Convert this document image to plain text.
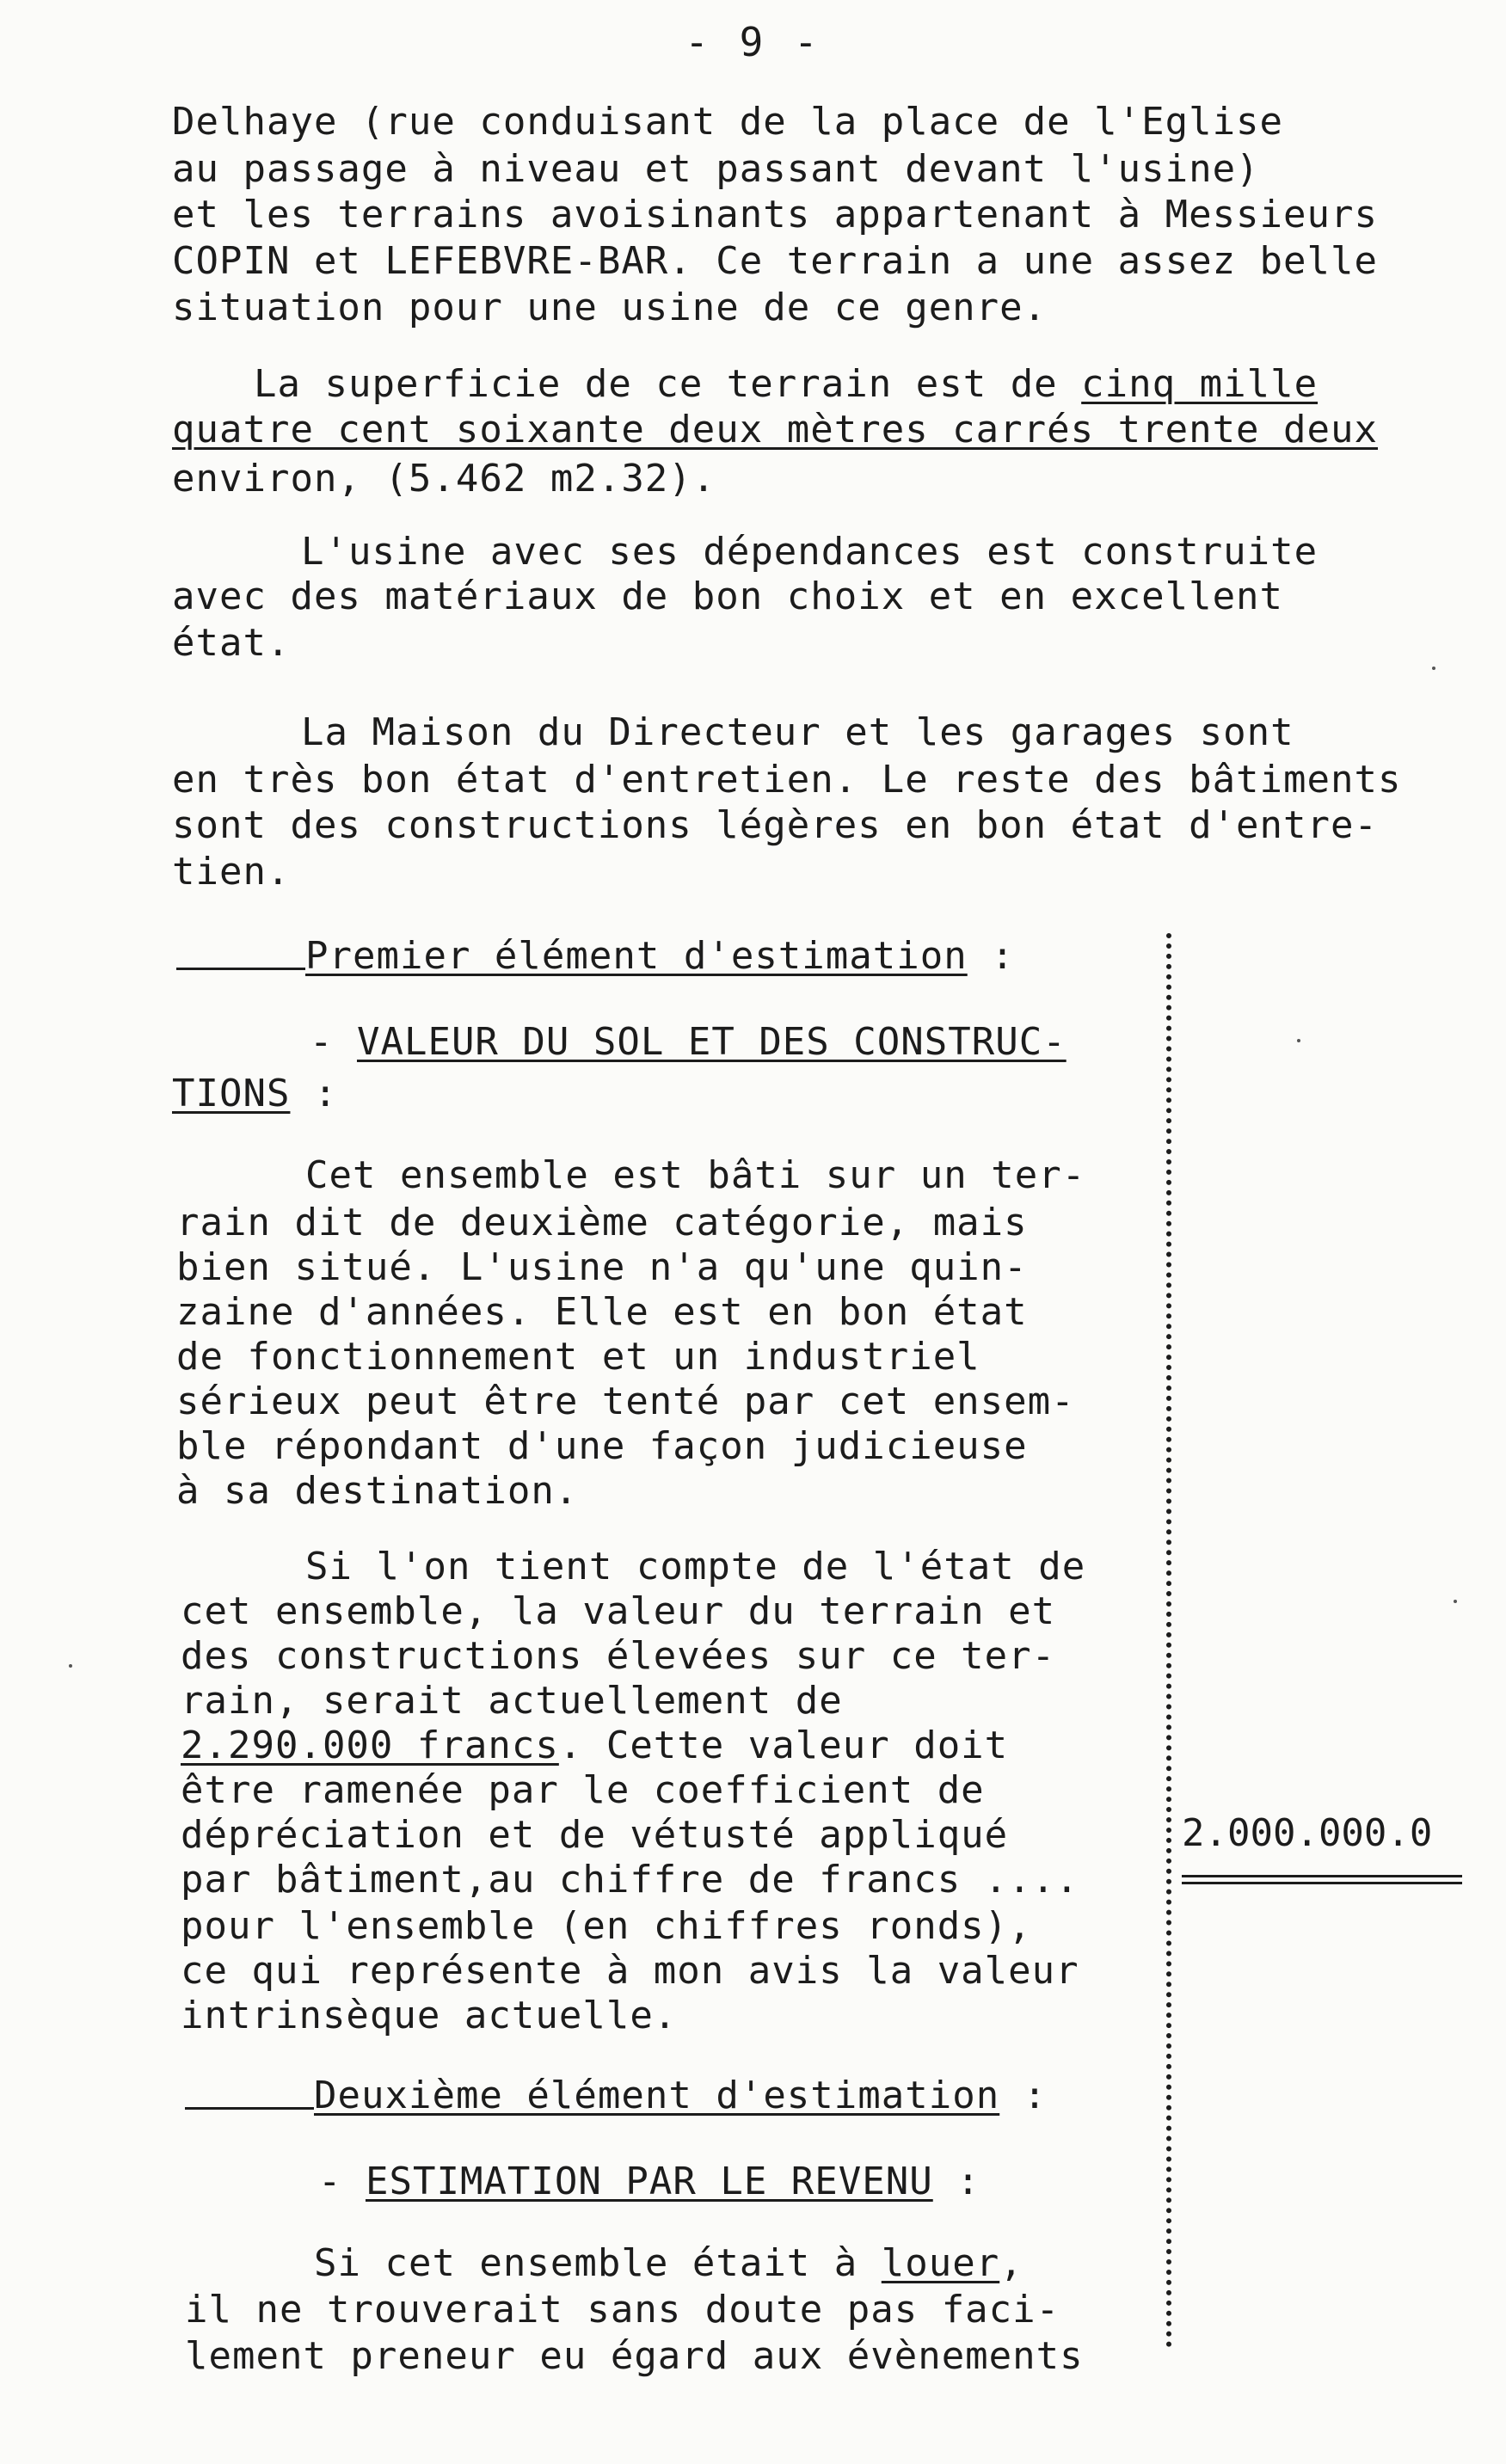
- 9 -
Delhaye (rue conduisant de la place de l'Eglise
au passage à niveau et passant devant l'usine)
et les terrains avoisinants appartenant à Messieurs
COPIN et LEFEBVRE-BAR. Ce terrain a une assez belle
situation pour une usine de ce genre.
La superficie de ce terrain est de cinq mille
quatre cent soixante deux mètres carrés trente deux
environ, (5.462 m2.32).
L'usine avec ses dépendances est construite
avec des matériaux de bon choix et en excellent
état.
La Maison du Directeur et les garages sont
en très bon état d'entretien. Le reste des bâtiments
sont des constructions légères en bon état d'entre-
tien.
Premier élément d'estimation :
- VALEUR DU SOL ET DES CONSTRUC-
TIONS :
Cet ensemble est bâti sur un ter-
rain dit de deuxième catégorie, mais
bien situé. L'usine n'a qu'une quin-
zaine d'années. Elle est en bon état
de fonctionnement et un industriel
sérieux peut être tenté par cet ensem-
ble répondant d'une façon judicieuse
à sa destination.
Si l'on tient compte de l'état de
cet ensemble, la valeur du terrain et
des constructions élevées sur ce ter-
rain, serait actuellement de
2.290.000 francs. Cette valeur doit
être ramenée par le coefficient de
dépréciation et de vétusté appliqué
par bâtiment,au chiffre de francs ....
pour l'ensemble (en chiffres ronds),
ce qui représente à mon avis la valeur
intrinsèque actuelle.
2.000.000.0
Deuxième élément d'estimation :
- ESTIMATION PAR LE REVENU :
Si cet ensemble était à louer,
il ne trouverait sans doute pas faci-
lement preneur eu égard aux évènements
